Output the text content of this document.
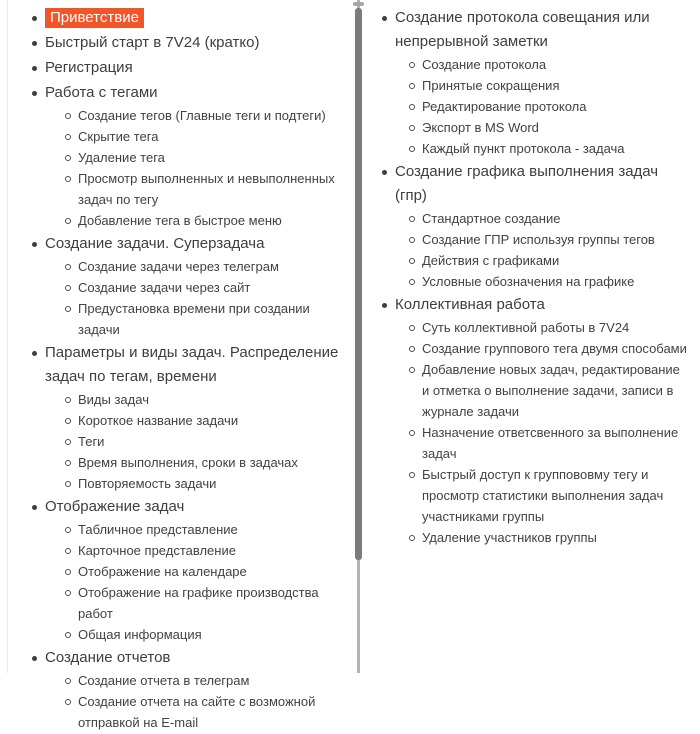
Приветствие
Быстрый старт в 7V24 (кратко)
Регистрация
Работа с тегами
Создание тегов (Главные теги и подтеги)
Скрытие тега
Удаление тега
Просмотр выполненных и невыполненных задач по тегу
Добавление тега в быстрое меню
Создание задачи. Суперзадача
Создание задачи через телеграм
Создание задачи через сайт
Предустановка времени при создании задачи
Параметры и виды задач. Распределение задач по тегам, времени
Виды задач
Короткое название задачи
Теги
Время выполнения, сроки в задачах
Повторяемость задачи
Отображение задач
Табличное представление
Карточное представление
Отображение на календаре
Отображение на графике производства работ
Общая информация
Создание отчетов
Создание отчета в телеграм
Создание отчета на сайте с возможной отправкой на E-mail
Создание протокола совещания или непрерывной заметки
Создание протокола
Принятые сокращения
Редактирование протокола
Экспорт в MS Word
Каждый пункт протокола - задача
Создание графика выполнения задач (гпр)
Стандартное создание
Создание ГПР используя группы тегов
Действия с графиками
Условные обозначения на графике
Коллективная работа
Суть коллективной работы в 7V24
Создание группового тега двумя способами
Добавление новых задач, редактирование и отметка о выполнение задачи, записи в журнале задачи
Назначение ответсвенного за выполнение задач
Быстрый доступ к группововму тегу и просмотр статистики выполнения задач участниками группы
Удаление участников группы
